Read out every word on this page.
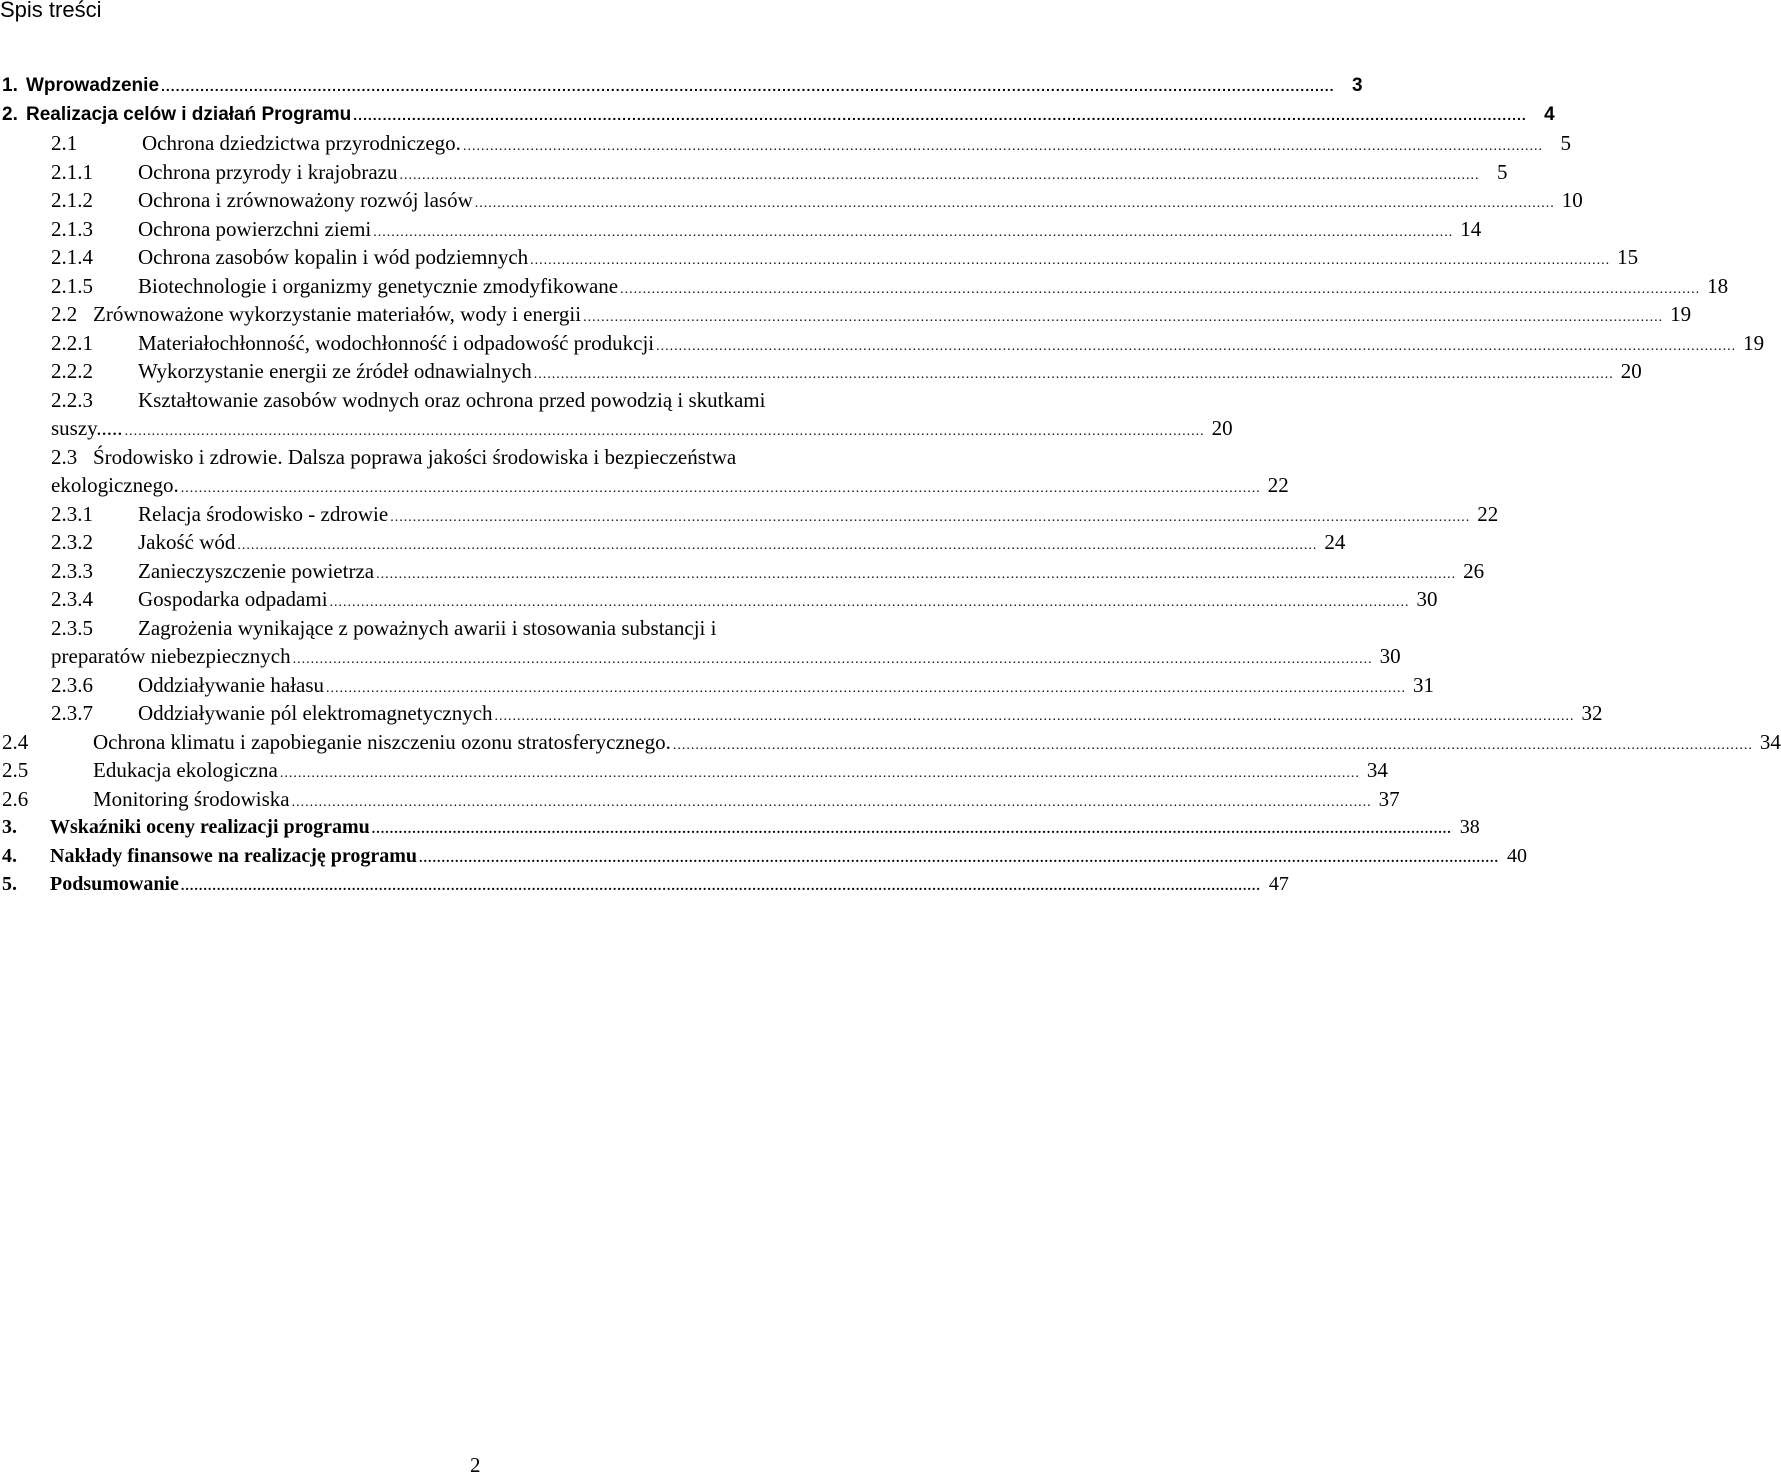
Spis treści
1. Wprowadzenie .....	3
2. Realizacja celów i działań Programu .....	4
2.1	Ochrona dziedzictwa przyrodniczego. .....	5
2.1.1	Ochrona przyrody i krajobrazu .....	5
2.1.2	Ochrona i zrównoważony rozwój lasów .....	10
2.1.3	Ochrona powierzchni ziemi .....	14
2.1.4	Ochrona zasobów kopalin i wód podziemnych .....	15
2.1.5	Biotechnologie i organizmy genetycznie zmodyfikowane .....	18
2.2 Zrównoważone wykorzystanie materiałów, wody i energii .....	19
2.2.1	Materiałochłonność, wodochłonność i odpadowość produkcji .....	19
2.2.2	Wykorzystanie energii ze źródeł odnawialnych .....	20
2.2.3	Kształtowanie zasobów wodnych oraz ochrona przed powodzią i skutkami
suszy..... .....	20
2.3 Środowisko i zdrowie. Dalsza poprawa jakości środowiska i bezpieczeństwa
ekologicznego. .....	22
2.3.1	Relacja środowisko - zdrowie .....	22
2.3.2	Jakość wód .....	24
2.3.3	Zanieczyszczenie powietrza .....	26
2.3.4	Gospodarka odpadami .....	30
2.3.5	Zagrożenia wynikające z poważnych awarii i stosowania substancji i
preparatów niebezpiecznych .....	30
2.3.6	Oddziaływanie hałasu .....	31
2.3.7	Oddziaływanie pól elektromagnetycznych .....	32
2.4	Ochrona klimatu i zapobieganie niszczeniu ozonu stratosferycznego. .....	34
2.5	Edukacja ekologiczna .....	34
2.6	Monitoring środowiska .....	37
3.	Wskaźniki oceny realizacji programu .....	38
4.	Nakłady finansowe na realizację programu .....	40
5.	Podsumowanie .....	47
2
